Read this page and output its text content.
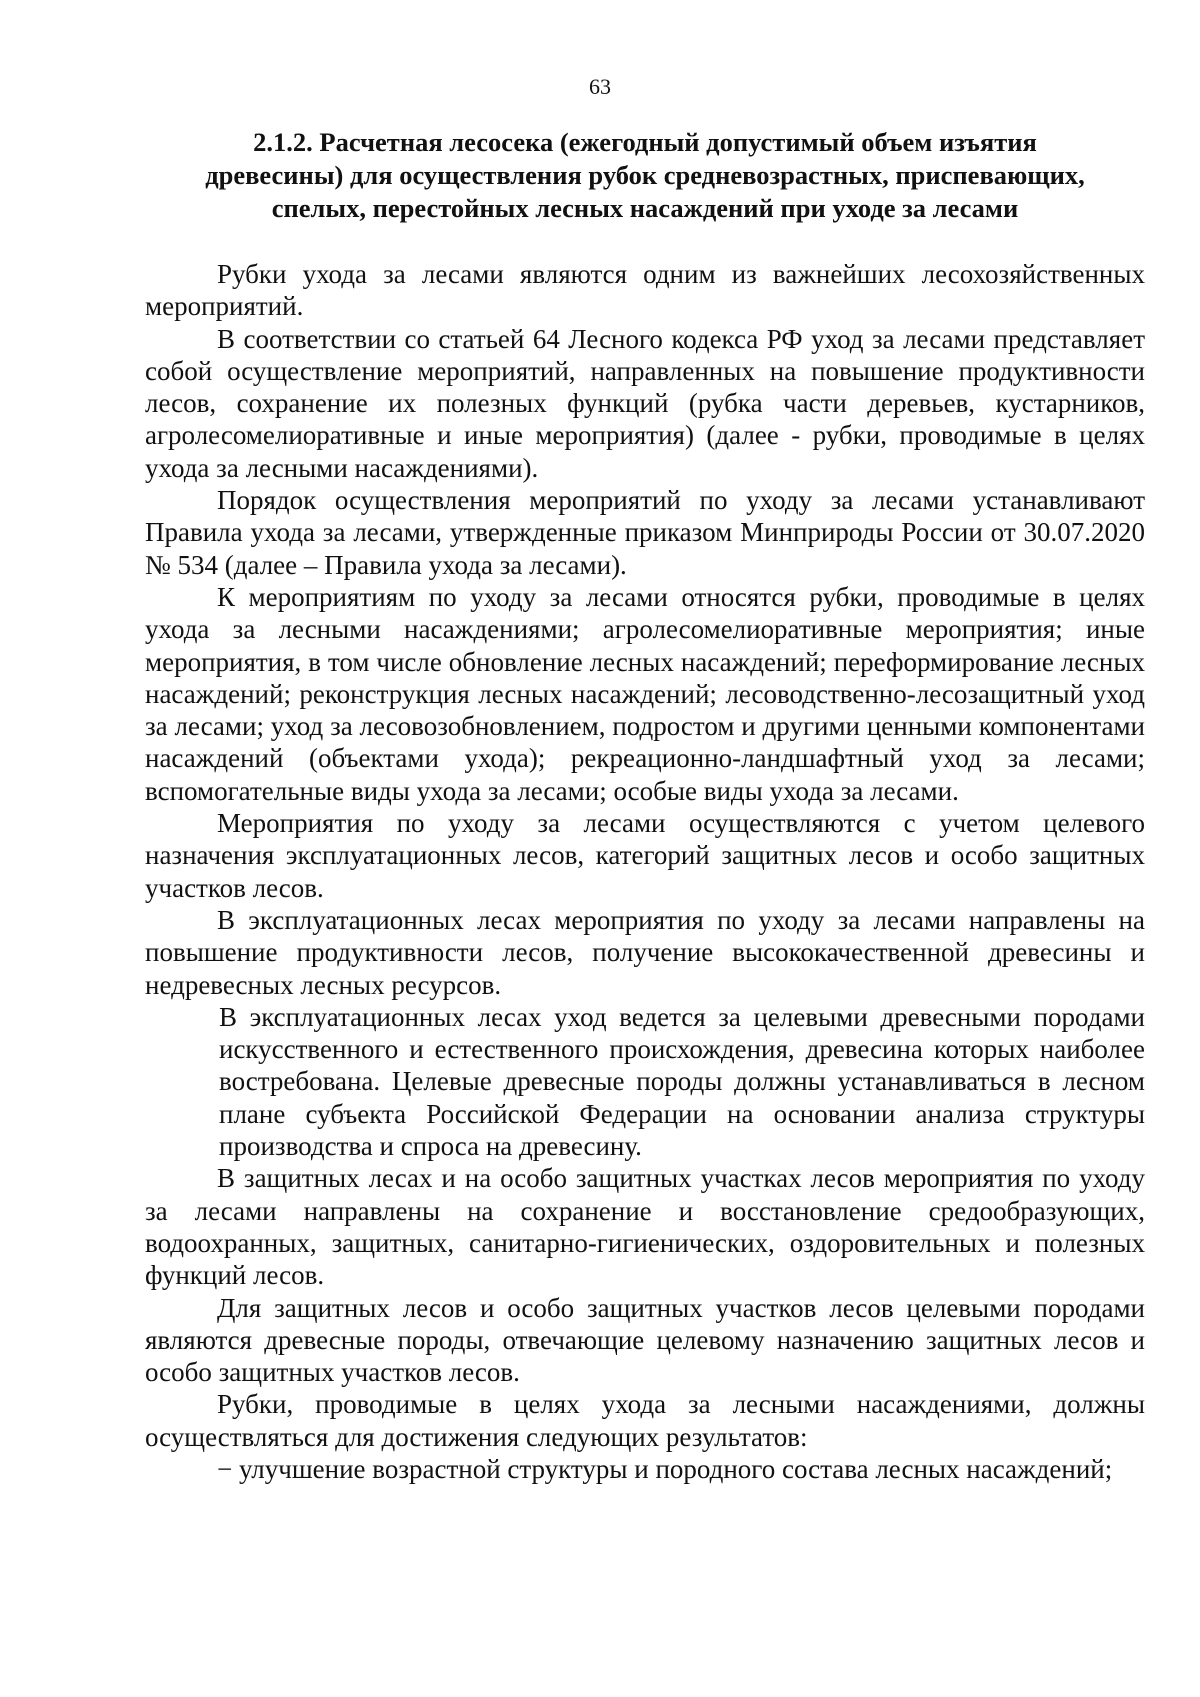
63
2.1.2. Расчетная лесосека (ежегодный допустимый объем изъятия
древесины) для осуществления рубок средневозрастных, приспевающих,
спелых, перестойных лесных насаждений при уходе за лесами

Рубки ухода за лесами являются одним из важнейших лесохозяйственных мероприятий.

В соответствии со статьей 64 Лесного кодекса РФ уход за лесами представляет собой осуществление мероприятий, направленных на повышение продуктивности лесов, сохранение их полезных функций (рубка части деревьев, кустарников, агролесомелиоративные и иные мероприятия) (далее - рубки, проводимые в целях ухода за лесными насаждениями).

Порядок осуществления мероприятий по уходу за лесами устанавливают Правила ухода за лесами, утвержденные приказом Минприроды России от 30.07.2020 № 534 (далее – Правила ухода за лесами).

К мероприятиям по уходу за лесами относятся рубки, проводимые в целях ухода за лесными насаждениями; агролесомелиоративные мероприятия; иные мероприятия, в том числе обновление лесных насаждений; переформирование лесных насаждений; реконструкция лесных насаждений; лесоводственно-лесозащитный уход за лесами; уход за лесовозобновлением, подростом и другими ценными компонентами насаждений (объектами ухода); рекреационно-ландшафтный уход за лесами; вспомогательные виды ухода за лесами; особые виды ухода за лесами.

Мероприятия по уходу за лесами осуществляются с учетом целевого назначения эксплуатационных лесов, категорий защитных лесов и особо защитных участков лесов.

В эксплуатационных лесах мероприятия по уходу за лесами направлены на повышение продуктивности лесов, получение высококачественной древесины и недревесных лесных ресурсов.

В эксплуатационных лесах уход ведется за целевыми древесными породами искусственного и естественного происхождения, древесина которых наиболее востребована. Целевые древесные породы должны устанавливаться в лесном плане субъекта Российской Федерации на основании анализа структуры производства и спроса на древесину.

В защитных лесах и на особо защитных участках лесов мероприятия по уходу за лесами направлены на сохранение и восстановление средообразующих, водоохранных, защитных, санитарно-гигиенических, оздоровительных и полезных функций лесов.

Для защитных лесов и особо защитных участков лесов целевыми породами являются древесные породы, отвечающие целевому назначению защитных лесов и особо защитных участков лесов.

Рубки, проводимые в целях ухода за лесными насаждениями, должны осуществляться для достижения следующих результатов:

− улучшение возрастной структуры и породного состава лесных насаждений;
